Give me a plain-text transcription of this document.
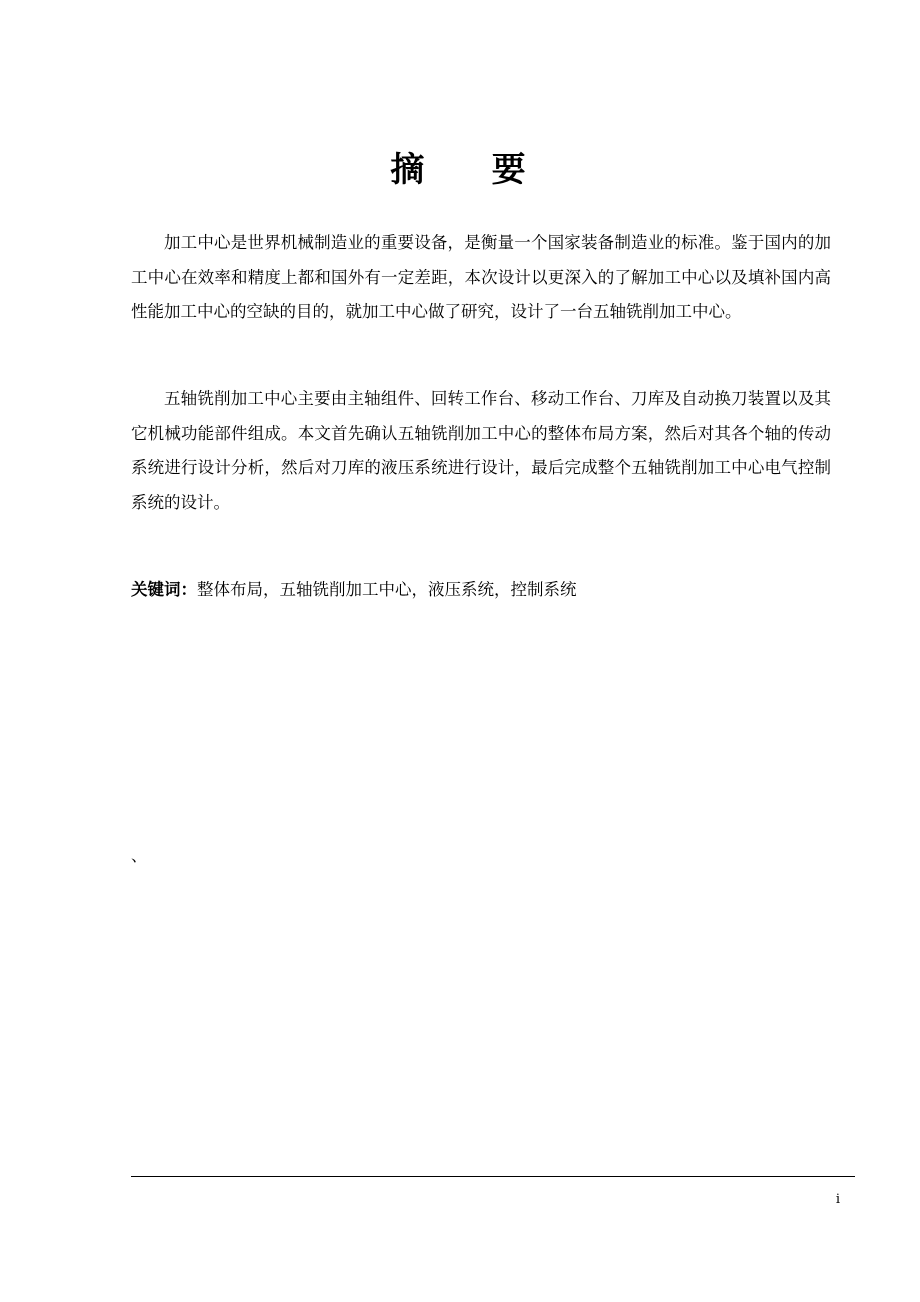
摘    要

加工中心是世界机械制造业的重要设备，是衡量一个国家装备制造业的标准。鉴于国内的加工中心在效率和精度上都和国外有一定差距，本次设计以更深入的了解加工中心以及填补国内高性能加工中心的空缺的目的，就加工中心做了研究，设计了一台五轴铣削加工中心。

五轴铣削加工中心主要由主轴组件、回转工作台、移动工作台、刀库及自动换刀装置以及其它机械功能部件组成。本文首先确认五轴铣削加工中心的整体布局方案，然后对其各个轴的传动系统进行设计分析，然后对刀库的液压系统进行设计，最后完成整个五轴铣削加工中心电气控制系统的设计。

关键词：整体布局，五轴铣削加工中心，液压系统，控制系统
、
i
